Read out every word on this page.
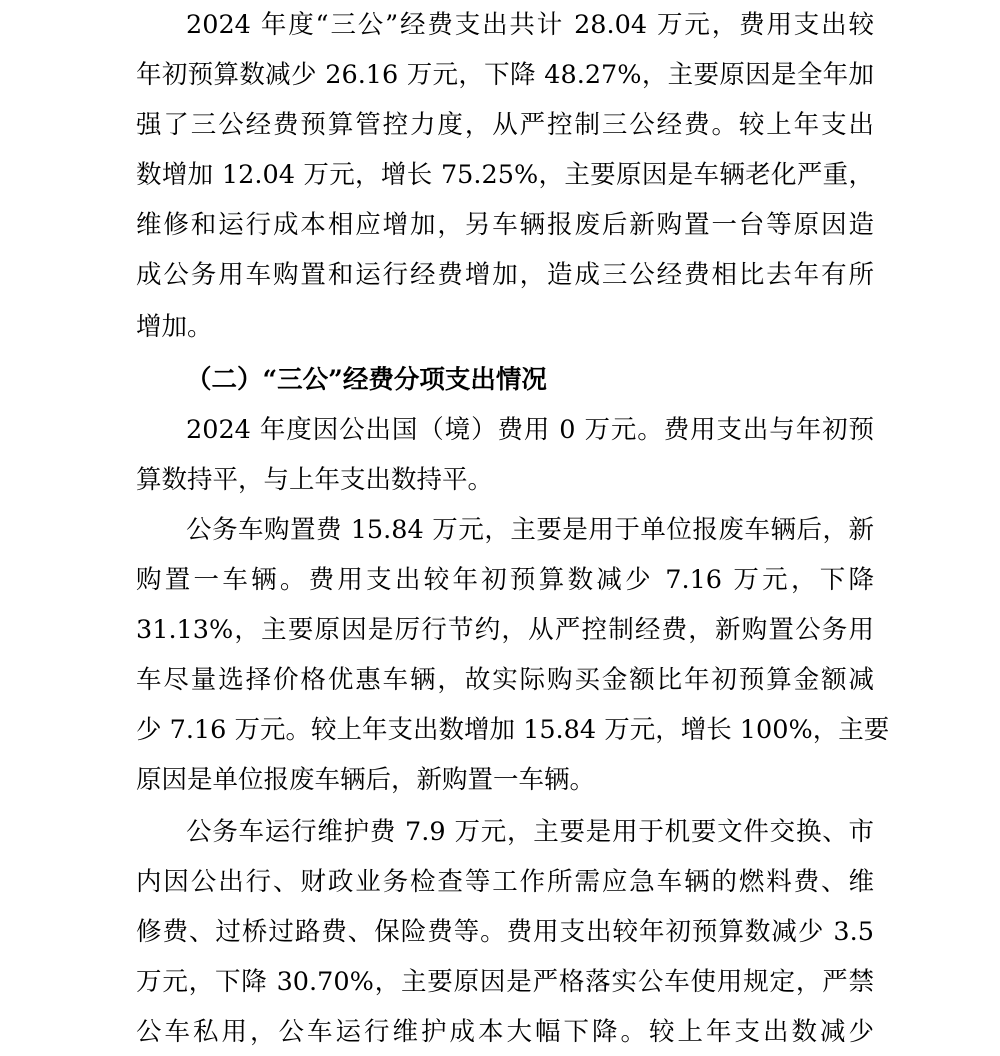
2024 年度“三公”经费支出共计 28.04 万元，费用支出较
年初预算数减少 26.16 万元，下降 48.27%，主要原因是全年加
强了三公经费预算管控力度，从严控制三公经费。较上年支出
数增加 12.04 万元，增长 75.25%，主要原因是车辆老化严重，
维修和运行成本相应增加，另车辆报废后新购置一台等原因造
成公务用车购置和运行经费增加，造成三公经费相比去年有所
增加。
（二）“三公”经费分项支出情况
2024 年度因公出国（境）费用 0 万元。费用支出与年初预
算数持平，与上年支出数持平。
公务车购置费 15.84 万元，主要是用于单位报废车辆后，新
购置一车辆。费用支出较年初预算数减少 7.16 万元，下降
31.13%，主要原因是厉行节约，从严控制经费，新购置公务用
车尽量选择价格优惠车辆，故实际购买金额比年初预算金额减
少 7.16 万元。较上年支出数增加 15.84 万元，增长 100%，主要
原因是单位报废车辆后，新购置一车辆。
公务车运行维护费 7.9 万元，主要是用于机要文件交换、市
内因公出行、财政业务检查等工作所需应急车辆的燃料费、维
修费、过桥过路费、保险费等。费用支出较年初预算数减少 3.5
万元，下降 30.70%，主要原因是严格落实公车使用规定，严禁
公车私用，公车运行维护成本大幅下降。较上年支出数减少
